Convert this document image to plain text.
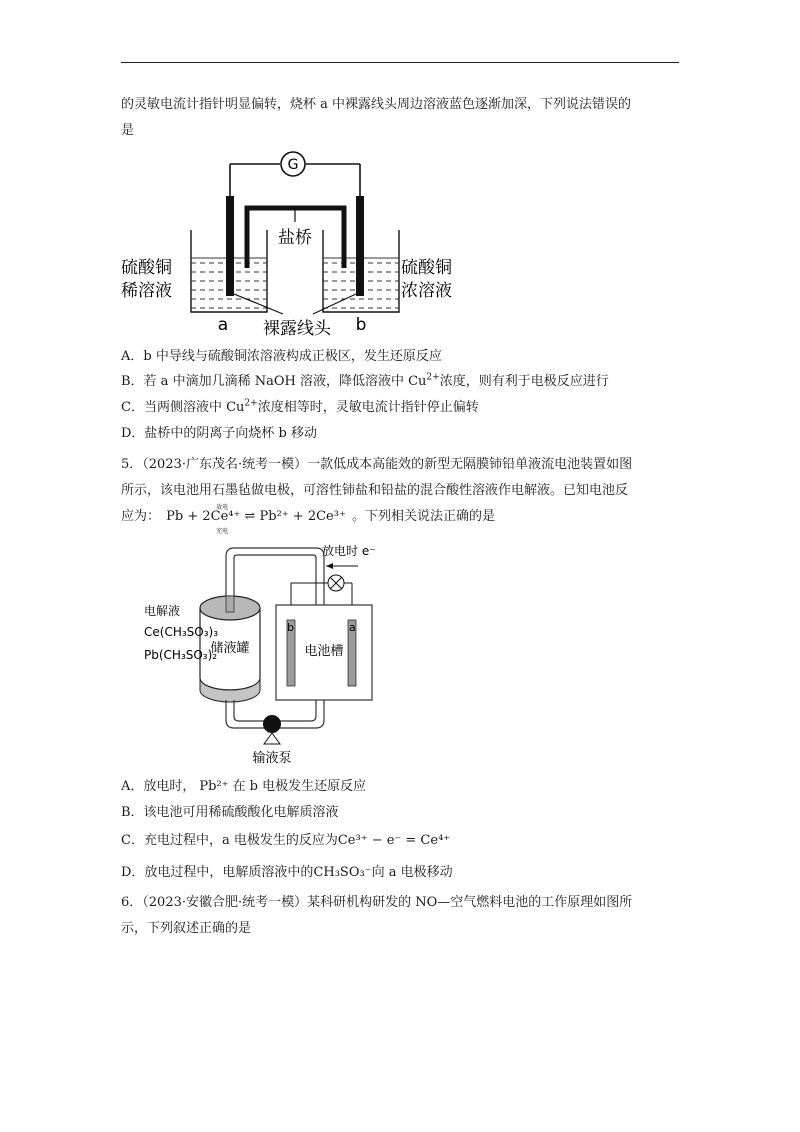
的灵敏电流计指针明显偏转，烧杯 a 中裸露线头周边溶液蓝色逐渐加深，下列说法错误的
是
G
盐桥
硫酸铜
稀溶液
硫酸铜
浓溶液
a	b
裸露线头
A．b 中导线与硫酸铜浓溶液构成正极区，发生还原反应
B．若 a 中滴加几滴稀 NaOH 溶液，降低溶液中 $Cu^{2+}$浓度，则有利于电极反应进行
C．当两侧溶液中 $Cu^{2+}$浓度相等时，灵敏电流计指针停止偏转
D．盐桥中的阴离子向烧杯 b 移动
5．（2023·广东茂名·统考一模）一款低成本高能效的新型无隔膜铈铅单液流电池装置如图
所示，该电池用石墨毡做电极，可溶性铈盐和铅盐的混合酸性溶液作电解液。已知电池反
应为： Pb + 2Ce⁴⁺ ⇌ Pb²⁺ + 2Ce³⁺
放电
充电
。下列相关说法正确的是
放电时 e⁻
b	a
电池槽
储液罐
输液泵
电解液
Ce(CH₃SO₃)₃
Pb(CH₃SO₃)₂
A．放电时， Pb²⁺ 在 b 电极发生还原反应
B．该电池可用稀硫酸酸化电解质溶液
C．充电过程中，a 电极发生的反应为Ce³⁺ − e⁻ = Ce⁴⁺
D．放电过程中，电解质溶液中的CH₃SO₃⁻向 a 电极移动
6．（2023·安徽合肥·统考一模）某科研机构研发的 NO—空气燃料电池的工作原理如图所
示，下列叙述正确的是
